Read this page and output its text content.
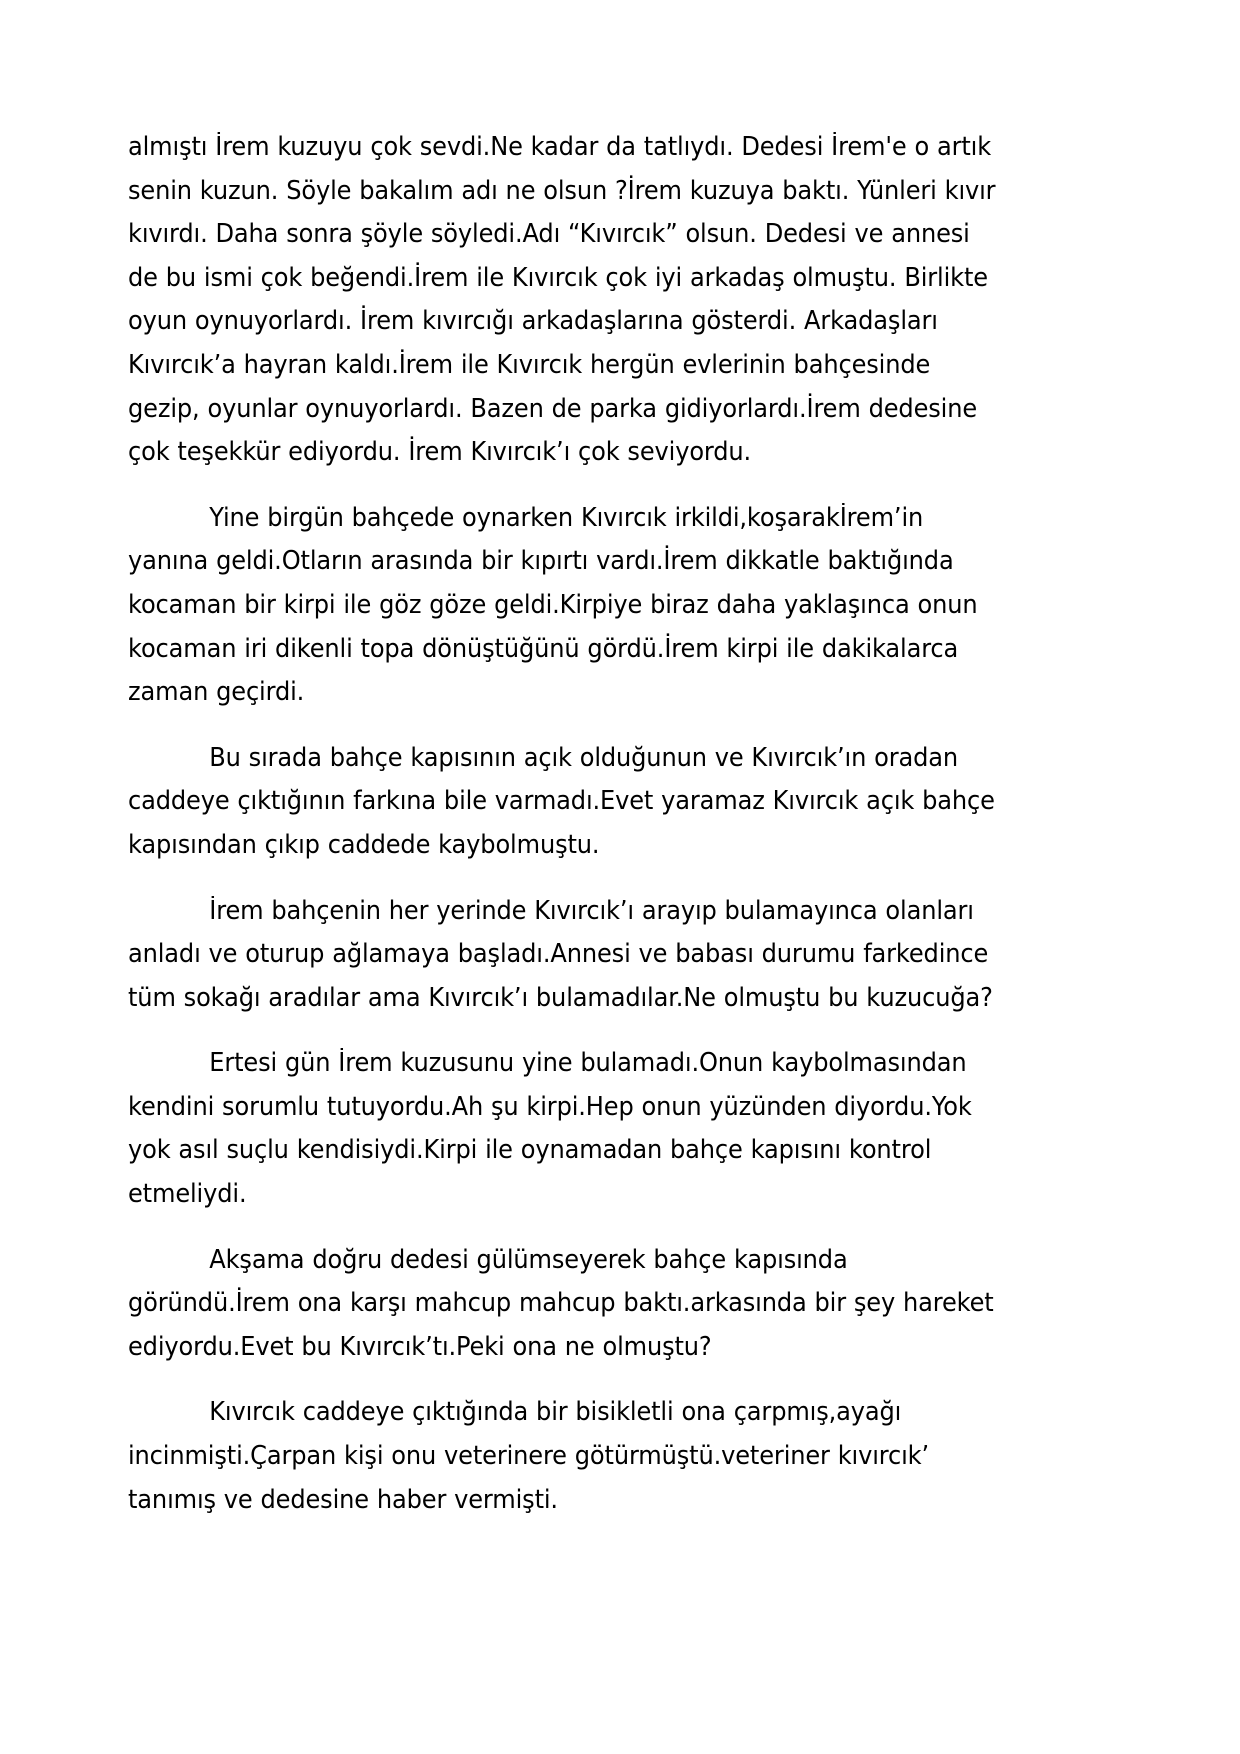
almıştı İrem kuzuyu çok sevdi.Ne kadar da tatlıydı. Dedesi İrem'e o artık senin kuzun. Söyle bakalım adı ne olsun ?İrem kuzuya baktı. Yünleri kıvır kıvırdı. Daha sonra şöyle söyledi.Adı “Kıvırcık” olsun. Dedesi ve annesi de bu ismi çok beğendi.İrem ile Kıvırcık çok iyi arkadaş olmuştu. Birlikte oyun oynuyorlardı. İrem kıvırcığı arkadaşlarına gösterdi. Arkadaşları Kıvırcık’a hayran kaldı.İrem ile Kıvırcık hergün evlerinin bahçesinde gezip, oyunlar oynuyorlardı. Bazen de parka gidiyorlardı.İrem dedesine çok teşekkür ediyordu. İrem Kıvırcık’ı çok seviyordu.

Yine birgün bahçede oynarken Kıvırcık irkildi,koşarakİrem’in yanına geldi.Otların arasında bir kıpırtı vardı.İrem dikkatle baktığında kocaman bir kirpi ile göz göze geldi.Kirpiye biraz daha yaklaşınca onun kocaman iri dikenli topa dönüştüğünü gördü.İrem kirpi ile dakikalarca zaman geçirdi.

Bu sırada bahçe kapısının açık olduğunun ve Kıvırcık’ın oradan caddeye çıktığının farkına bile varmadı.Evet yaramaz Kıvırcık açık bahçe kapısından çıkıp caddede kaybolmuştu.

İrem bahçenin her yerinde Kıvırcık’ı arayıp bulamayınca olanları anladı ve oturup ağlamaya başladı.Annesi ve babası durumu farkedince tüm sokağı aradılar ama Kıvırcık’ı bulamadılar.Ne olmuştu bu kuzucuğa?

Ertesi gün İrem kuzusunu yine bulamadı.Onun kaybolmasından kendini sorumlu tutuyordu.Ah şu kirpi.Hep onun yüzünden diyordu.Yok yok asıl suçlu kendisiydi.Kirpi ile oynamadan bahçe kapısını kontrol etmeliydi.

Akşama doğru dedesi gülümseyerek bahçe kapısında göründü.İrem ona karşı mahcup mahcup baktı.arkasında bir şey hareket ediyordu.Evet bu Kıvırcık’tı.Peki ona ne olmuştu?

Kıvırcık caddeye çıktığında bir bisikletli ona çarpmış,ayağı incinmişti.Çarpan kişi onu veterinere götürmüştü.veteriner kıvırcık’ tanımış ve dedesine haber vermişti.
